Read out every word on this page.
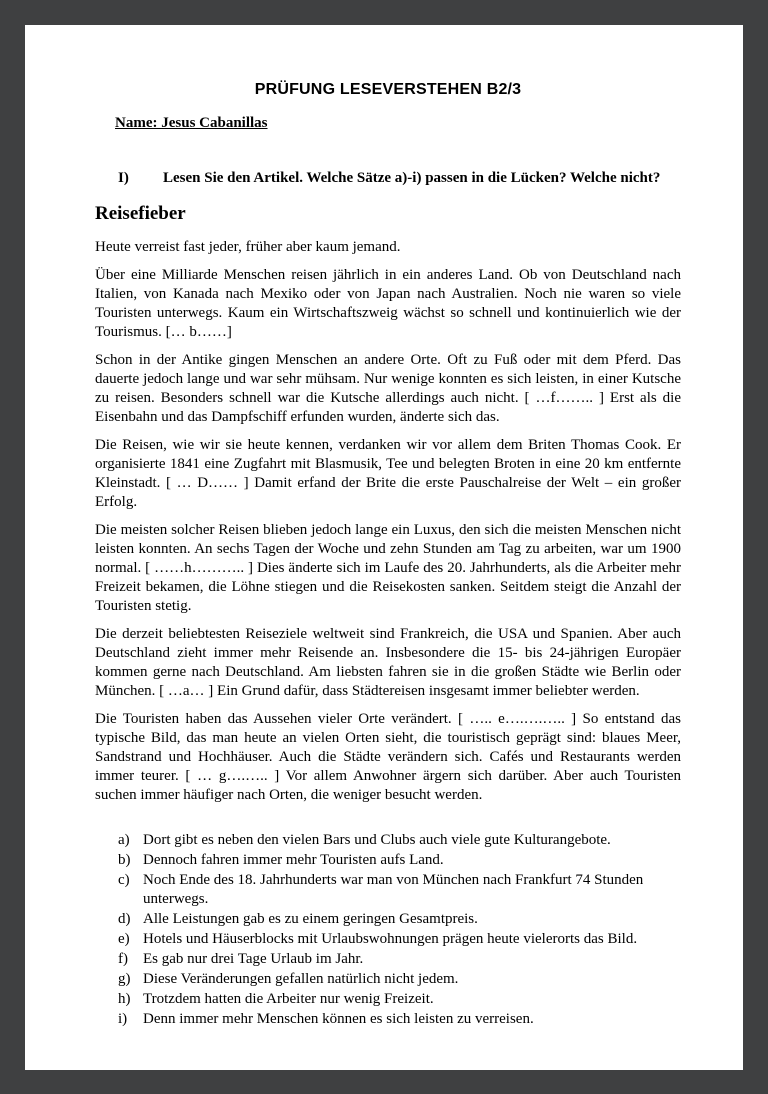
PRÜFUNG LESEVERSTEHEN B2/3

Name: Jesus Cabanillas

I) Lesen Sie den Artikel. Welche Sätze a)-i) passen in die Lücken? Welche nicht?

Reisefieber

Heute verreist fast jeder, früher aber kaum jemand.

Über eine Milliarde Menschen reisen jährlich in ein anderes Land. Ob von Deutschland nach Italien, von Kanada nach Mexiko oder von Japan nach Australien. Noch nie waren so viele Touristen unterwegs. Kaum ein Wirtschaftszweig wächst so schnell und kontinuierlich wie der Tourismus. [… b……]

Schon in der Antike gingen Menschen an andere Orte. Oft zu Fuß oder mit dem Pferd. Das dauerte jedoch lange und war sehr mühsam. Nur wenige konnten es sich leisten, in einer Kutsche zu reisen. Besonders schnell war die Kutsche allerdings auch nicht. [ …f…….. ] Erst als die Eisenbahn und das Dampfschiff erfunden wurden, änderte sich das.

Die Reisen, wie wir sie heute kennen, verdanken wir vor allem dem Briten Thomas Cook. Er organisierte 1841 eine Zugfahrt mit Blasmusik, Tee und belegten Broten in eine 20 km entfernte Kleinstadt. [ … D…… ] Damit erfand der Brite die erste Pauschalreise der Welt – ein großer Erfolg.

Die meisten solcher Reisen blieben jedoch lange ein Luxus, den sich die meisten Menschen nicht leisten konnten. An sechs Tagen der Woche und zehn Stunden am Tag zu arbeiten, war um 1900 normal. [ ……h……….. ] Dies änderte sich im Laufe des 20. Jahrhunderts, als die Arbeiter mehr Freizeit bekamen, die Löhne stiegen und die Reisekosten sanken. Seitdem steigt die Anzahl der Touristen stetig.

Die derzeit beliebtesten Reiseziele weltweit sind Frankreich, die USA und Spanien. Aber auch Deutschland zieht immer mehr Reisende an. Insbesondere die 15- bis 24-jährigen Europäer kommen gerne nach Deutschland. Am liebsten fahren sie in die großen Städte wie Berlin oder München. [ …a… ] Ein Grund dafür, dass Städtereisen insgesamt immer beliebter werden.

Die Touristen haben das Aussehen vieler Orte verändert. [ ….. e….….….. ] So entstand das typische Bild, das man heute an vielen Orten sieht, die touristisch geprägt sind: blaues Meer, Sandstrand und Hochhäuser. Auch die Städte verändern sich. Cafés und Restaurants werden immer teurer. [ … g….….. ] Vor allem Anwohner ärgern sich darüber. Aber auch Touristen suchen immer häufiger nach Orten, die weniger besucht werden.

a) Dort gibt es neben den vielen Bars und Clubs auch viele gute Kulturangebote.
b) Dennoch fahren immer mehr Touristen aufs Land.
c) Noch Ende des 18. Jahrhunderts war man von München nach Frankfurt 74 Stunden unterwegs.
d) Alle Leistungen gab es zu einem geringen Gesamtpreis.
e) Hotels und Häuserblocks mit Urlaubswohnungen prägen heute vielerorts das Bild.
f) Es gab nur drei Tage Urlaub im Jahr.
g) Diese Veränderungen gefallen natürlich nicht jedem.
h) Trotzdem hatten die Arbeiter nur wenig Freizeit.
i) Denn immer mehr Menschen können es sich leisten zu verreisen.
